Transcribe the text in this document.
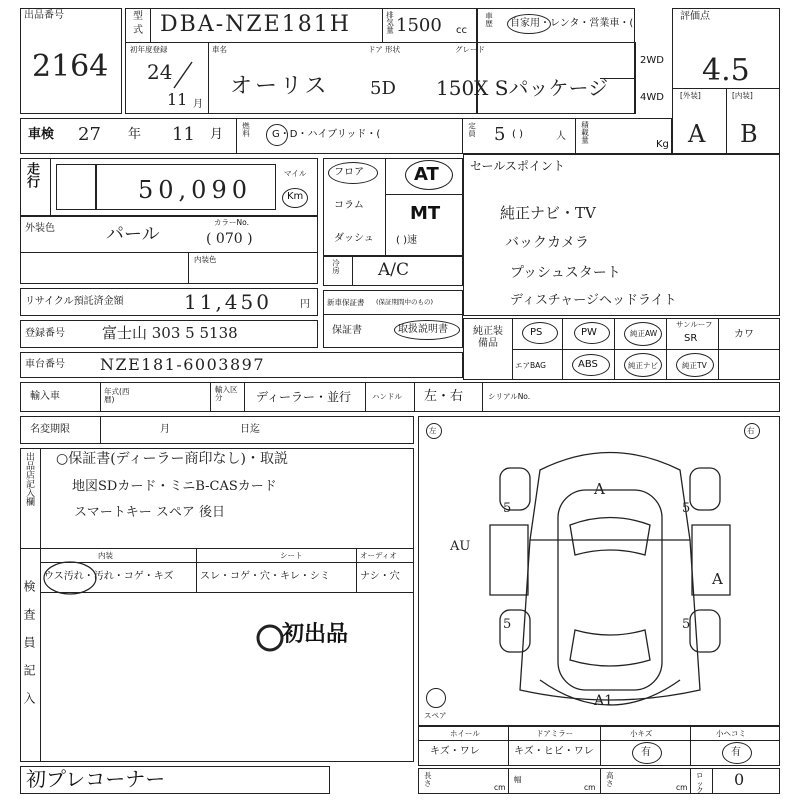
出品番号
2164
型
式 DBA-NZE181H	排気量 1500 cc
初年度登録
24
11 月
車名	ドア 形状	グレード
オーリス 5D 150X Sパッケージ
車歴 自家用・レンタ・営業車・(
2WD
4WD
評価点
4.5
[外装]	[内装]
A B
車検 27 年 11 月 燃料 G・D・ハイブリッド・(	定員 5 ( )	人 積載量
Kg
走行
50,090
マイル
Km
フロア
コラム
ダッシュ
AT
MT
( )速
冷房 A/C
外装色	パール
カラーNo.
( 070 )
内装色
リサイクル預託済金額	11,450	円
登録番号 富士山 303 5 5138
新車保証書 (保証期間中のもの)
保証書	取扱説明書
車台番号 NZE181-6003897
セールスポイント
純正ナビ・TV
バックカメラ
プッシュスタート
ディスチャージヘッドライト
純正装備品
PS	PW	純正AW
サンルーフ
SR	カワ
エアBAG	ABS	純正ナビ	純正TV
輸入車	年式(西暦)
輸入区分	ディーラー・並行	ハンドル 左・右	シリアルNo.
名変期限	月	日迄
出品店記入欄 ○保証書(ディーラー商印なし)・取説
地図SDカード・ミニB-CASカード
スマートキー スペア 後日
検査員記入
内装	シート	オーディオ
ウス汚れ・汚れ・コゲ・キズ	スレ・コゲ・穴・キレ・シミ	ナシ・穴
初出品
左	右
スペア
A
A
A1
AU
5	5
5	5
ホイール
キズ・ワレ
ドアミラー
キズ・ヒビ・ワレ
小キズ
有
小ヘコミ
有
初プレコーナー	長さ	cm
幅
cm
高さ	cm
ロック
0
